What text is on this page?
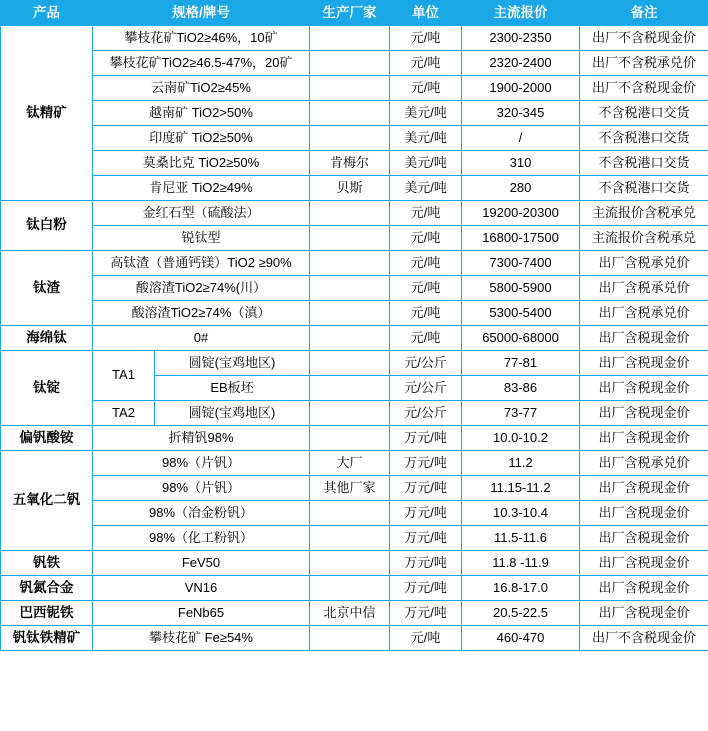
产品	规格/牌号		生产厂家	单位	主流报价	备注
钛精矿	攀枝花矿TiO2≥46%，10矿			元/吨	2300-2350	出厂不含税现金价
	攀枝花矿TiO2≥46.5-47%，20矿			元/吨	2320-2400	出厂不含税承兑价
	云南矿TiO2≥45%			元/吨	1900-2000	出厂不含税现金价
	越南矿 TiO2>50%			美元/吨	320-345	不含税港口交货
	印度矿 TiO2≥50%			美元/吨	/	不含税港口交货
	莫桑比克 TiO2≥50%		肯梅尔	美元/吨	310	不含税港口交货
	肯尼亚 TiO2≥49%		贝斯	美元/吨	280	不含税港口交货
钛白粉	金红石型（硫酸法）			元/吨	19200-20300	主流报价含税承兑
	锐钛型			元/吨	16800-17500	主流报价含税承兑
钛渣	高钛渣（普通钙镁）TiO2 ≥90%			元/吨	7300-7400	出厂含税承兑价
	酸溶渣TiO2≥74%(川）			元/吨	5800-5900	出厂含税承兑价
	酸溶渣TiO2≥74%（滇）			元/吨	5300-5400	出厂含税承兑价
海绵钛	0#			元/吨	65000-68000	出厂含税现金价
钛锭	TA1	圆锭(宝鸡地区)		元/公斤	77-81	出厂含税现金价
		EB板坯		元/公斤	83-86	出厂含税现金价
	TA2	圆锭(宝鸡地区)		元/公斤	73-77	出厂含税现金价
偏钒酸铵	折精钒98%			万元/吨	10.0-10.2	出厂含税现金价
五氧化二钒	98%（片钒）		大厂	万元/吨	11.2	出厂含税承兑价
	98%（片钒）		其他厂家	万元/吨	11.15-11.2	出厂含税现金价
	98%（冶金粉钒）			万元/吨	10.3-10.4	出厂含税现金价
	98%（化工粉钒）			万元/吨	11.5-11.6	出厂含税现金价
钒铁	FeV50			万元/吨	11.8 -11.9	出厂含税现金价
钒氮合金	VN16			万元/吨	16.8-17.0	出厂含税现金价
巴西铌铁	FeNb65		北京中信	万元/吨	20.5-22.5	出厂含税现金价
钒钛铁精矿	攀枝花矿 Fe≥54%			元/吨	460-470	出厂不含税现金价
